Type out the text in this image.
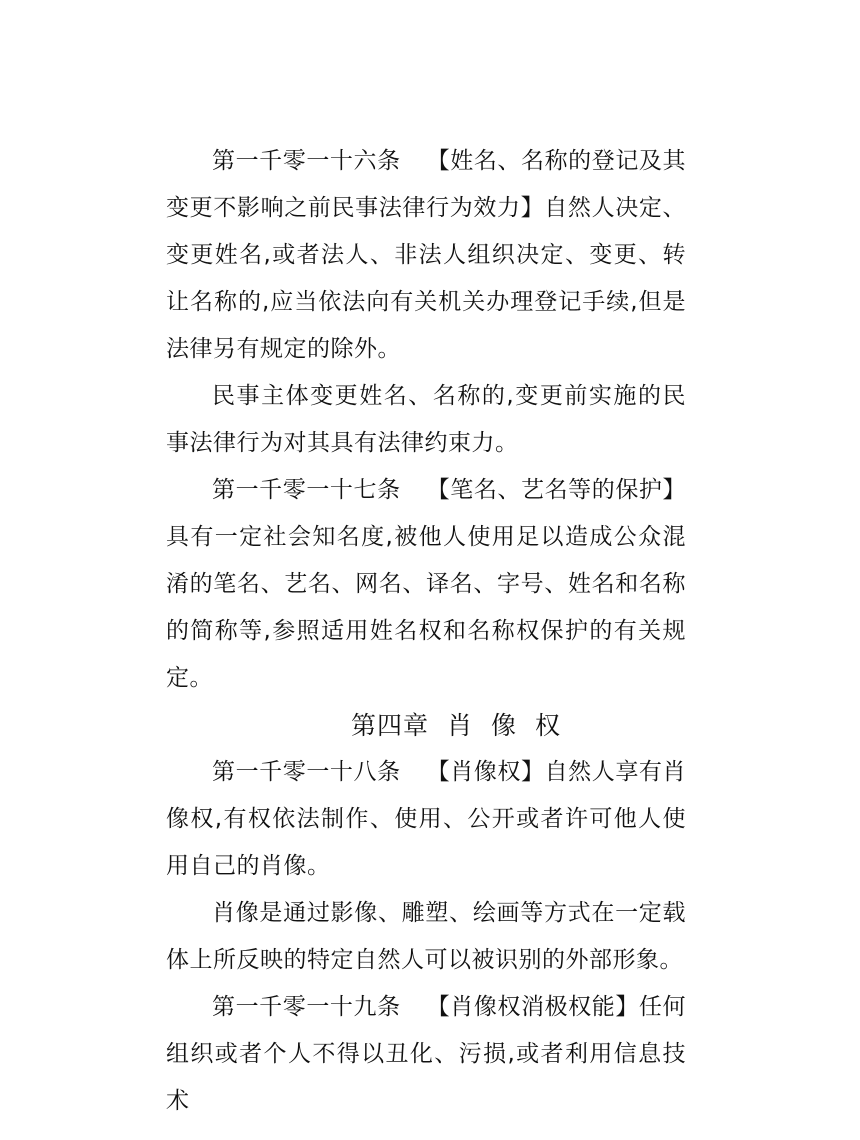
第一千零一十六条 【姓名、名称的登记及其变更不影响之前民事法律行为效力】自然人决定、变更姓名,或者法人、非法人组织决定、变更、转让名称的,应当依法向有关机关办理登记手续,但是法律另有规定的除外。

民事主体变更姓名、名称的,变更前实施的民事法律行为对其具有法律约束力。

第一千零一十七条 【笔名、艺名等的保护】具有一定社会知名度,被他人使用足以造成公众混淆的笔名、艺名、网名、译名、字号、姓名和名称的简称等,参照适用姓名权和名称权保护的有关规定。

第四章 肖 像 权

第一千零一十八条 【肖像权】自然人享有肖像权,有权依法制作、使用、公开或者许可他人使用自己的肖像。

肖像是通过影像、雕塑、绘画等方式在一定载体上所反映的特定自然人可以被识别的外部形象。

第一千零一十九条 【肖像权消极权能】任何组织或者个人不得以丑化、污损,或者利用信息技术
